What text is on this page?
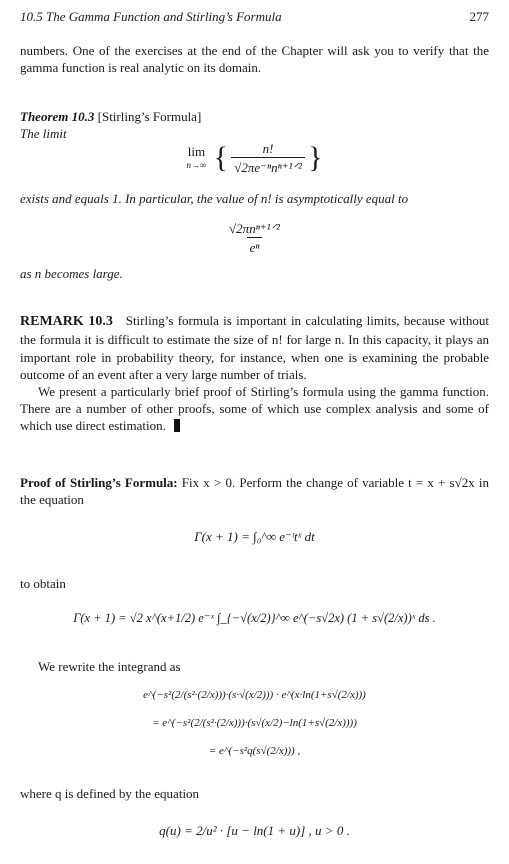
10.5 The Gamma Function and Stirling’s Formula	277

numbers. One of the exercises at the end of the Chapter will ask you to verify that the gamma function is real analytic on its domain.

Theorem 10.3 [Stirling’s Formula]
The limit
lim
n→∞ { $\frac{n!}{\text{√2πe⁻ⁿnⁿ⁺¹ᐟ²}}$ }

exists and equals 1. In particular, the value of n! is asymptotically equal to

$\frac{\text{√2πnⁿ⁺¹ᐟ²}}{\text{eⁿ}}$

as n becomes large.

REMARK 10.3 Stirling’s formula is important in calculating limits, because without the formula it is difficult to estimate the size of n! for large n. In this capacity, it plays an important role in probability theory, for instance, when one is examining the probable outcome of an event after a very large number of trials.

We present a particularly brief proof of Stirling’s formula using the gamma function. There are a number of other proofs, some of which use complex analysis and some of which use direct estimation.

Proof of Stirling’s Formula: Fix x > 0. Perform the change of variable t = x + s√2x in the equation

Γ(x + 1) = ∫₀^∞ e⁻ᵗtˣ dt
to obtain
Γ(x + 1) = √2 x^(x+1/2) e⁻ˣ ∫_{−√(x/2)}^∞ e^(−s√2x) (1 + s√(2/x))ˣ ds .
We rewrite the integrand as
e^(−s²(2/(s²·(2/x)))·(s·√(x/2))) · e^(x·ln(1+s√(2/x)))
= e^(−s²(2/(s²·(2/x)))·(s√(x/2)−ln(1+s√(2/x))))
= e^(−s²q(s√(2/x))) ,

where q is defined by the equation

q(u) = 2/u² · [u − ln(1 + u)] , u > 0 .
